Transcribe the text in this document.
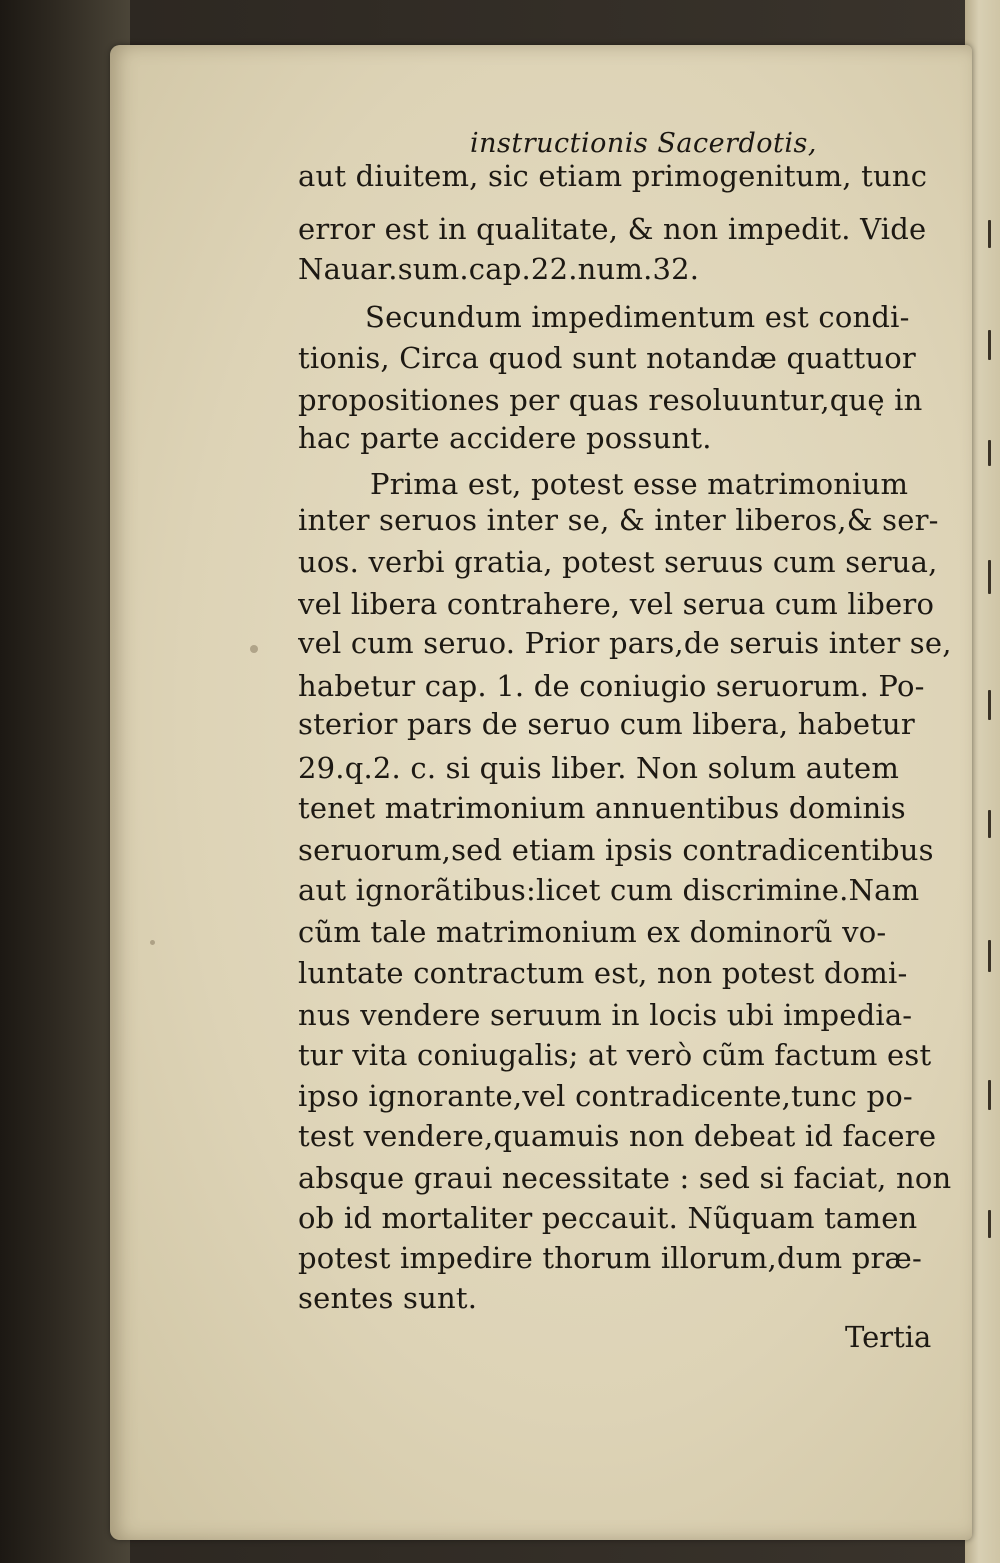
instructionis Sacerdotis,
aut diuitem, sic etiam primogenitum, tunc
error est in qualitate, & non impedit. Vide
Nauar.sum.cap.22.num.32.
Secundum impedimentum est condi-
tionis, Circa quod sunt notandæ quattuor
propositiones per quas resoluuntur,quę in
hac parte accidere possunt.
Prima est, potest esse matrimonium
inter seruos inter se, & inter liberos,& ser-
uos. verbi gratia, potest seruus cum serua,
vel libera contrahere, vel serua cum libero
vel cum seruo. Prior pars,de seruis inter se,
habetur cap. 1. de coniugio seruorum. Po-
sterior pars de seruo cum libera, habetur
29.q.2. c. si quis liber. Non solum autem
tenet matrimonium annuentibus dominis
seruorum,sed etiam ipsis contradicentibus
aut ignorãtibus:licet cum discrimine.Nam
cũm tale matrimonium ex dominorũ vo-
luntate contractum est, non potest domi-
nus vendere seruum in locis ubi impedia-
tur vita coniugalis; at verò cũm factum est
ipso ignorante,vel contradicente,tunc po-
test vendere,quamuis non debeat id facere
absque graui necessitate : sed si faciat, non
ob id mortaliter peccauit. Nũquam tamen
potest impedire thorum illorum,dum præ-
sentes sunt.
Tertia
